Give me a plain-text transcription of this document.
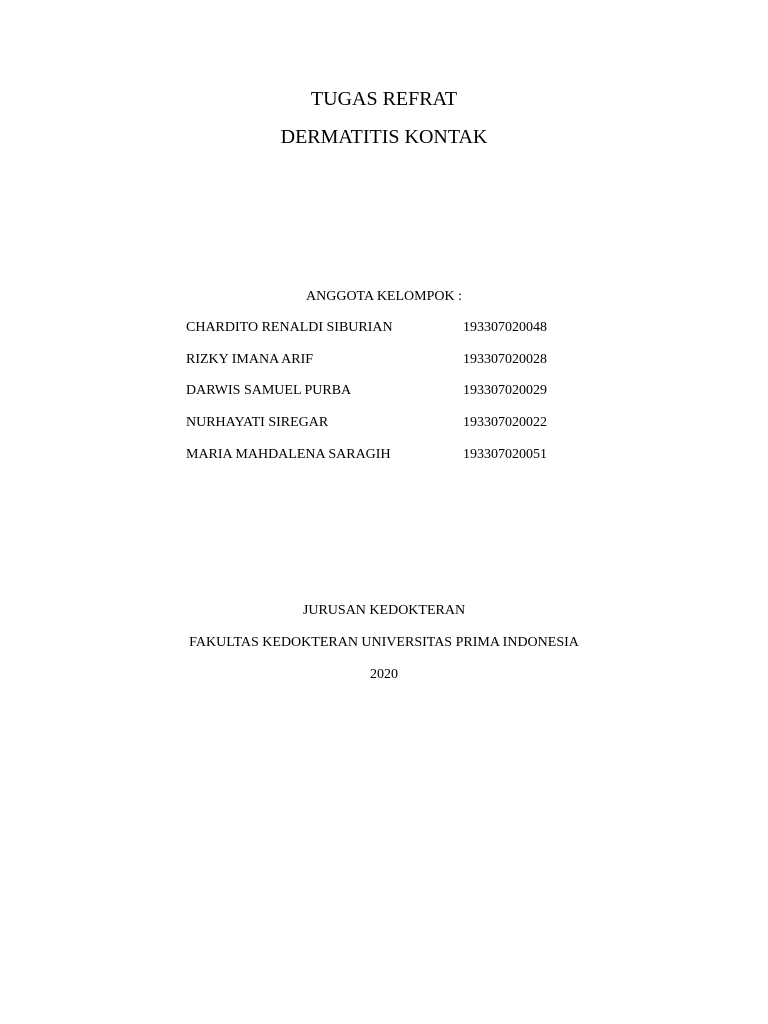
TUGAS REFRAT
DERMATITIS KONTAK
ANGGOTA KELOMPOK :
CHARDITO RENALDI SIBURIAN	193307020048
RIZKY IMANA ARIF	193307020028
DARWIS SAMUEL PURBA	193307020029
NURHAYATI SIREGAR	193307020022
MARIA MAHDALENA SARAGIH	193307020051
JURUSAN KEDOKTERAN
FAKULTAS KEDOKTERAN UNIVERSITAS PRIMA INDONESIA
2020
